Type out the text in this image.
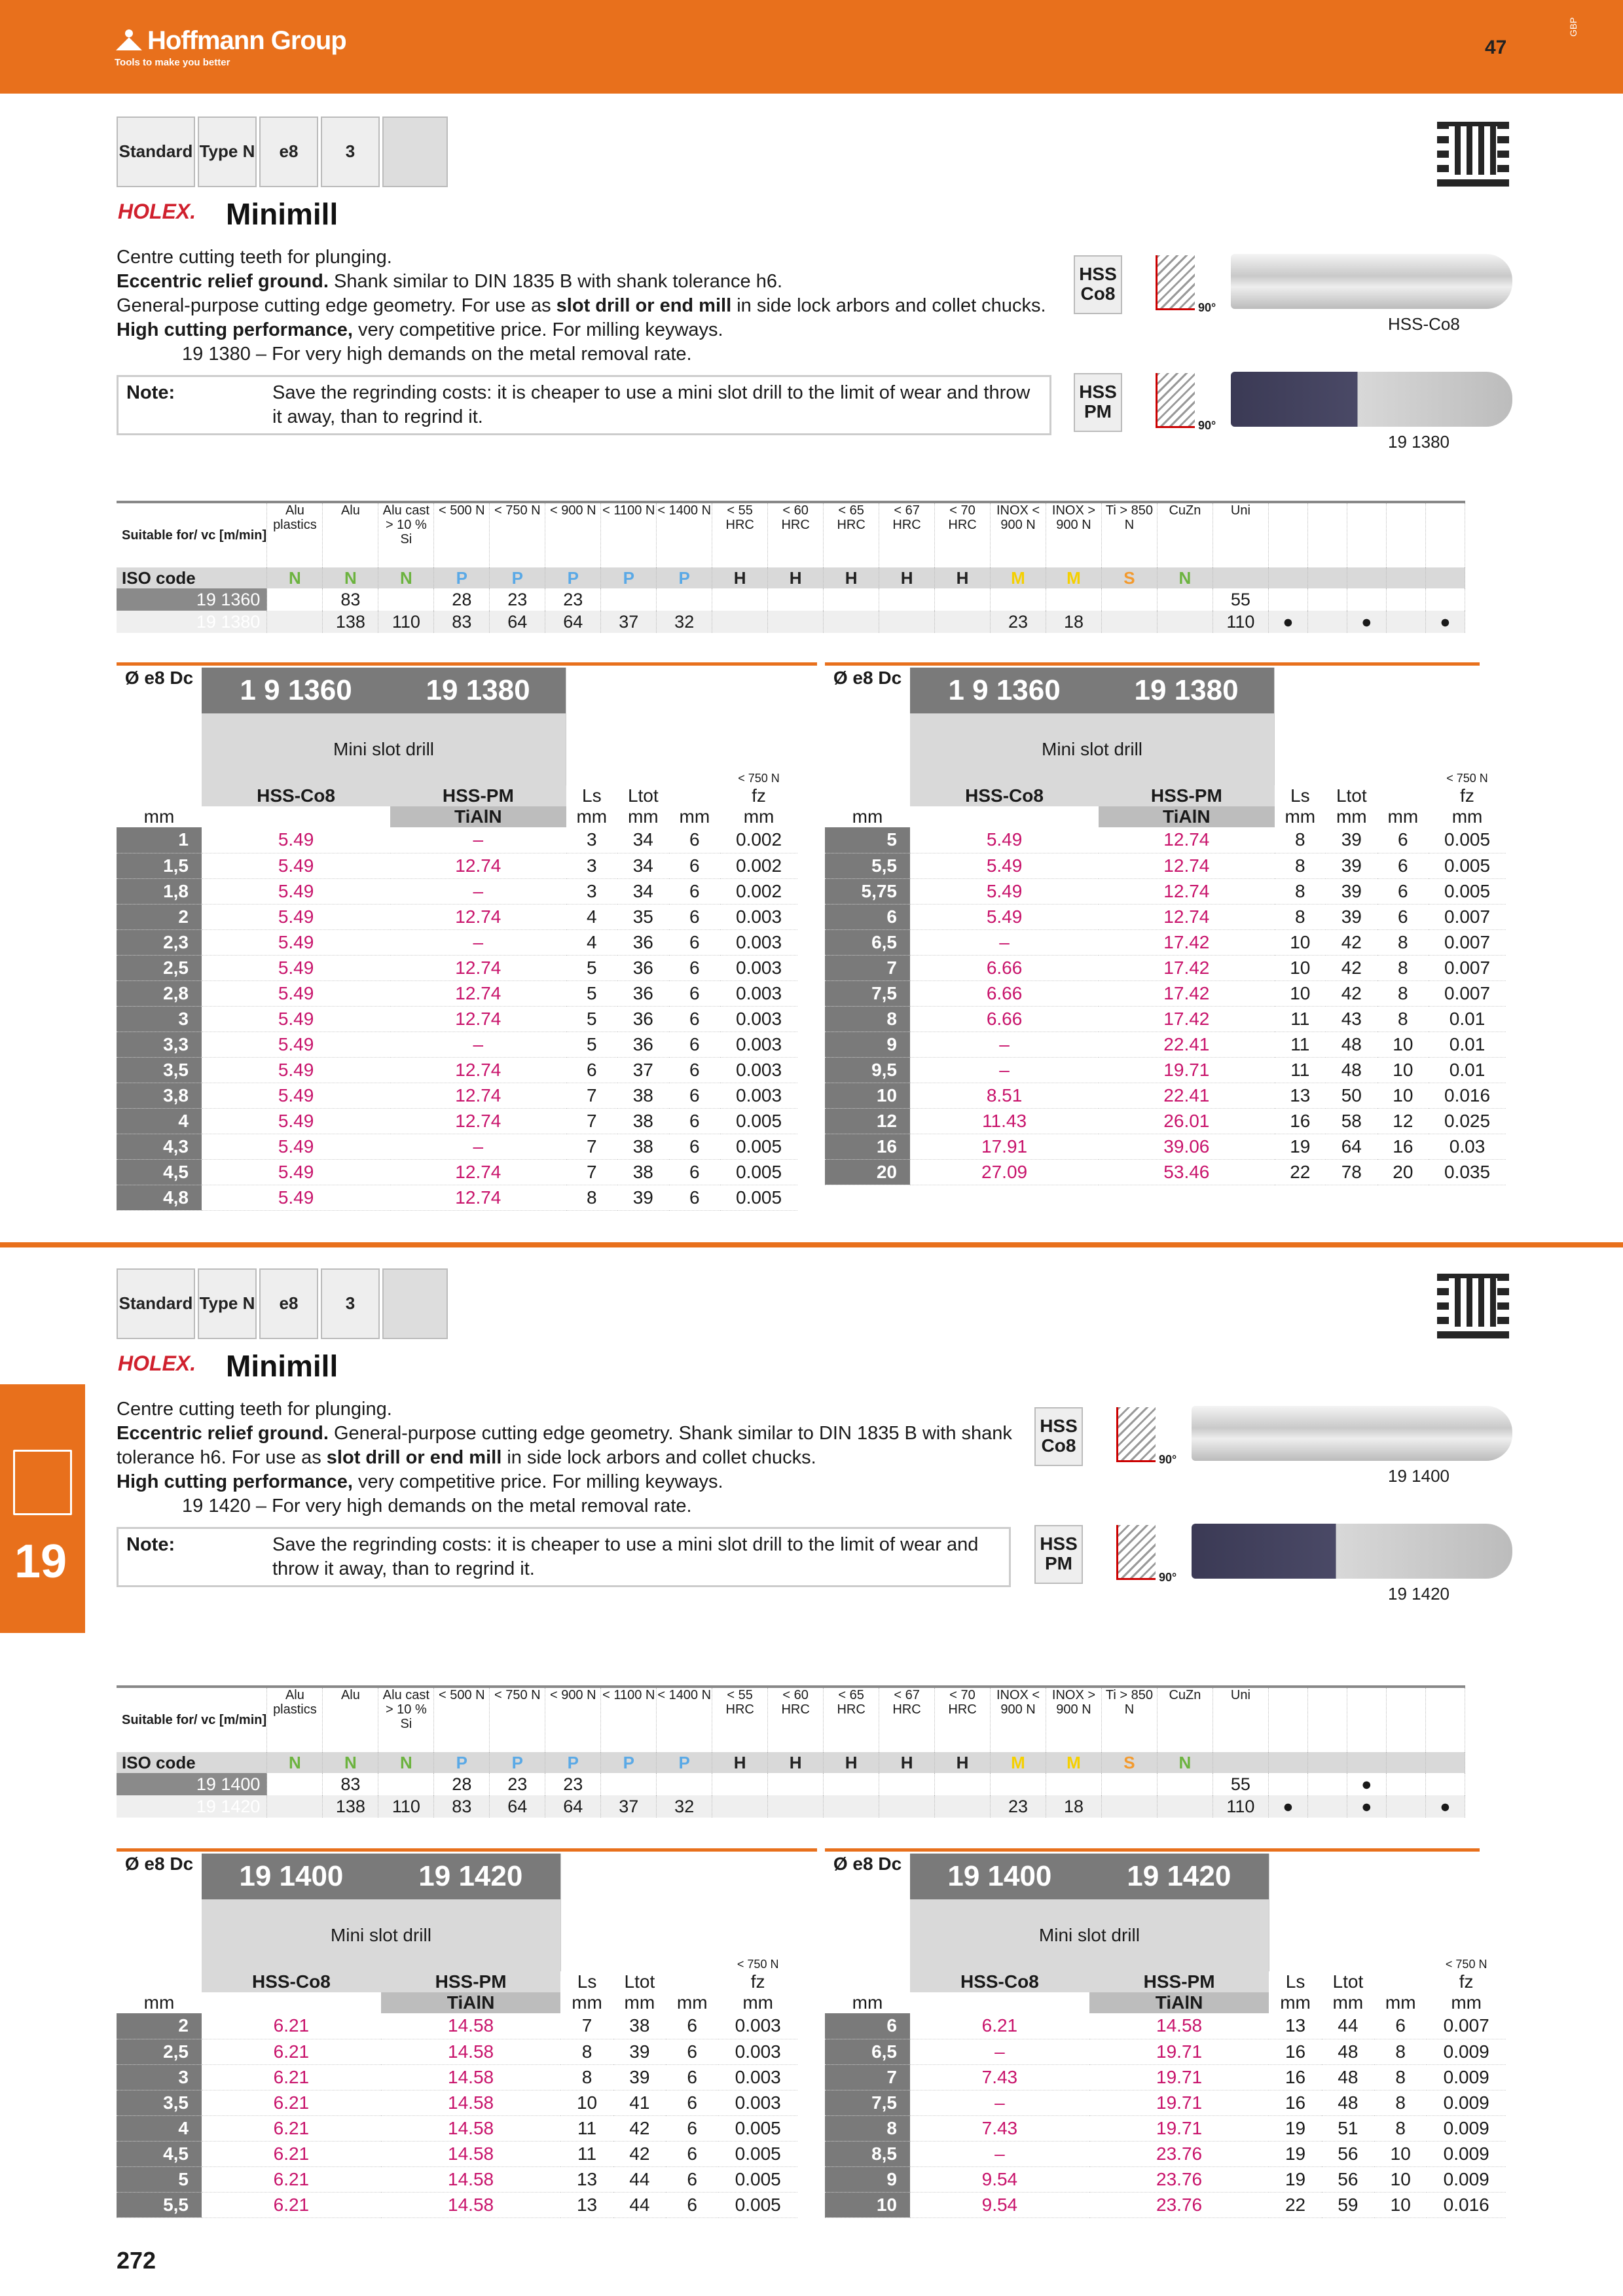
Hoffmann Group
Tools to make you better
47
GBP
19
Standard Type N	e8	3
HOLEX. Minimill
Centre cutting teeth for plunging.
Eccentric relief ground. Shank similar to DIN 1835 B with shank tolerance h6.
General-purpose cutting edge geometry. For use as slot drill or end mill in side lock arbors and collet chucks.
High cutting performance, very competitive price. For milling keyways.
19 1380 – For very high demands on the metal removal rate.
Note:	Save the regrinding costs: it is cheaper to use a mini slot drill to the limit of wear and throw it away, than to regrind it.
HSS Co8
90°
HSS-Co8
HSS PM
90°
19 1380
Suitable for/ vc [m/min]	Alu plastics	Alu	Alu cast > 10 % Si	< 500 N	< 750 N	< 900 N	< 1100 N	< 1400 N	< 55 HRC	< 60 HRC	< 65 HRC	< 67 HRC	< 70 HRC	INOX < 900 N	INOX > 900 N	Ti > 850 N	CuZn	Uni					
ISO code	N	N	N	P	P	P	P	P	H	H	H	H	H	M	M	S	N						
19 1360		83		28	23	23												55					
19 1380		138	110	83	64	64	37	32						23	18			110	●		●		●
Ø e8 Dc	1 9 1360	19 1380				< 750 N
	Mini slot drill					
	HSS-Co8	HSS-PM	Ls	Ltot		fz
mm		TiAlN	mm	mm	mm	mm
1	5.49	–	3	34	6	0.002
1,5	5.49	12.74	3	34	6	0.002
1,8	5.49	–	3	34	6	0.002
2	5.49	12.74	4	35	6	0.003
2,3	5.49	–	4	36	6	0.003
2,5	5.49	12.74	5	36	6	0.003
2,8	5.49	12.74	5	36	6	0.003
3	5.49	12.74	5	36	6	0.003
3,3	5.49	–	5	36	6	0.003
3,5	5.49	12.74	6	37	6	0.003
3,8	5.49	12.74	7	38	6	0.003
4	5.49	12.74	7	38	6	0.005
4,3	5.49	–	7	38	6	0.005
4,5	5.49	12.74	7	38	6	0.005
4,8	5.49	12.74	8	39	6	0.005
Ø e8 Dc	1 9 1360	19 1380				< 750 N
	Mini slot drill					
	HSS-Co8	HSS-PM	Ls	Ltot		fz
mm		TiAlN	mm	mm	mm	mm
5	5.49	12.74	8	39	6	0.005
5,5	5.49	12.74	8	39	6	0.005
5,75	5.49	12.74	8	39	6	0.005
6	5.49	12.74	8	39	6	0.007
6,5	–	17.42	10	42	8	0.007
7	6.66	17.42	10	42	8	0.007
7,5	6.66	17.42	10	42	8	0.007
8	6.66	17.42	11	43	8	0.01
9	–	22.41	11	48	10	0.01
9,5	–	19.71	11	48	10	0.01
10	8.51	22.41	13	50	10	0.016
12	11.43	26.01	16	58	12	0.025
16	17.91	39.06	19	64	16	0.03
20	27.09	53.46	22	78	20	0.035
Standard Type N	e8	3
HOLEX. Minimill
Centre cutting teeth for plunging.
Eccentric relief ground. General-purpose cutting edge geometry. Shank similar to DIN 1835 B with shank
tolerance h6. For use as slot drill or end mill in side lock arbors and collet chucks.
High cutting performance, very competitive price. For milling keyways.
19 1420 – For very high demands on the metal removal rate.
Note:	Save the regrinding costs: it is cheaper to use a mini slot drill to the limit of wear and throw it away, than to regrind it.
HSS Co8
90°
19 1400
HSS PM
90°
19 1420
Suitable for/ vc [m/min]	Alu plastics	Alu	Alu cast > 10 % Si	< 500 N	< 750 N	< 900 N	< 1100 N	< 1400 N	< 55 HRC	< 60 HRC	< 65 HRC	< 67 HRC	< 70 HRC	INOX < 900 N	INOX > 900 N	Ti > 850 N	CuZn	Uni					
ISO code	N	N	N	P	P	P	P	P	H	H	H	H	H	M	M	S	N						
19 1400		83		28	23	23												55			●		
19 1420		138	110	83	64	64	37	32						23	18			110	●		●		●
Ø e8 Dc	19 1400	19 1420				< 750 N
	Mini slot drill					
	HSS-Co8	HSS-PM	Ls	Ltot		fz
mm		TiAlN	mm	mm	mm	mm
2	6.21	14.58	7	38	6	0.003
2,5	6.21	14.58	8	39	6	0.003
3	6.21	14.58	8	39	6	0.003
3,5	6.21	14.58	10	41	6	0.003
4	6.21	14.58	11	42	6	0.005
4,5	6.21	14.58	11	42	6	0.005
5	6.21	14.58	13	44	6	0.005
5,5	6.21	14.58	13	44	6	0.005
Ø e8 Dc	19 1400	19 1420				< 750 N
	Mini slot drill					
	HSS-Co8	HSS-PM	Ls	Ltot		fz
mm		TiAlN	mm	mm	mm	mm
6	6.21	14.58	13	44	6	0.007
6,5	–	19.71	16	48	8	0.009
7	7.43	19.71	16	48	8	0.009
7,5	–	19.71	16	48	8	0.009
8	7.43	19.71	19	51	8	0.009
8,5	–	23.76	19	56	10	0.009
9	9.54	23.76	19	56	10	0.009
10	9.54	23.76	22	59	10	0.016
272
